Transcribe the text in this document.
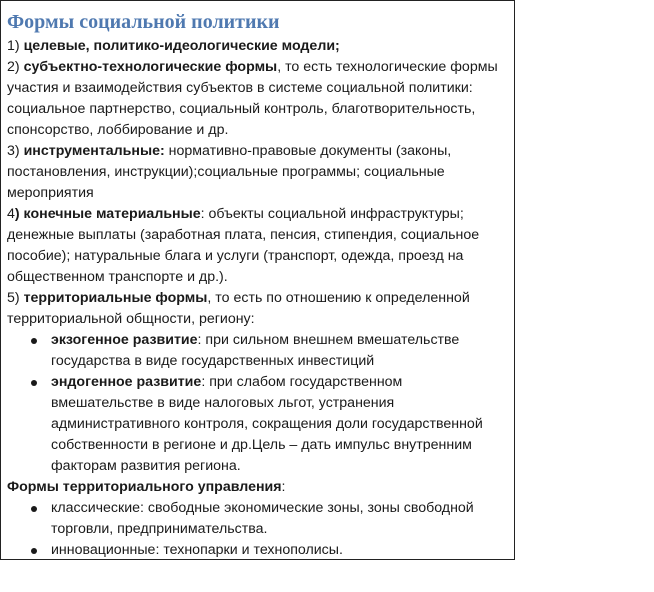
Формы социальной политики

1) целевые, политико-идеологические модели;

2) субъектно-технологические формы, то есть технологические формы участия и взаимодействия субъектов в системе социальной политики: социальное партнерство, социальный контроль, благотворительность, спонсорство, лоббирование и др.

3) инструментальные: нормативно-правовые документы (законы, постановления, инструкции);социальные программы; социальные мероприятия

4) конечные материальные: объекты социальной инфраструктуры; денежные выплаты (заработная плата, пенсия, стипендия, социальное пособие); натуральные блага и услуги (транспорт, одежда, проезд на общественном транспорте и др.).

5) территориальные формы, то есть по отношению к определенной территориальной общности, региону:

экзогенное развитие: при сильном внешнем вмешательстве государства в виде государственных инвестиций
эндогенное развитие: при слабом государственном вмешательстве в виде налоговых льгот, устранения административного контроля, сокращения доли государственной собственности в регионе и др.Цель – дать импульс внутренним факторам развития региона.

Формы территориального управления:

классические: свободные экономические зоны, зоны свободной торговли, предпринимательства.
инновационные: технопарки и технополисы.
